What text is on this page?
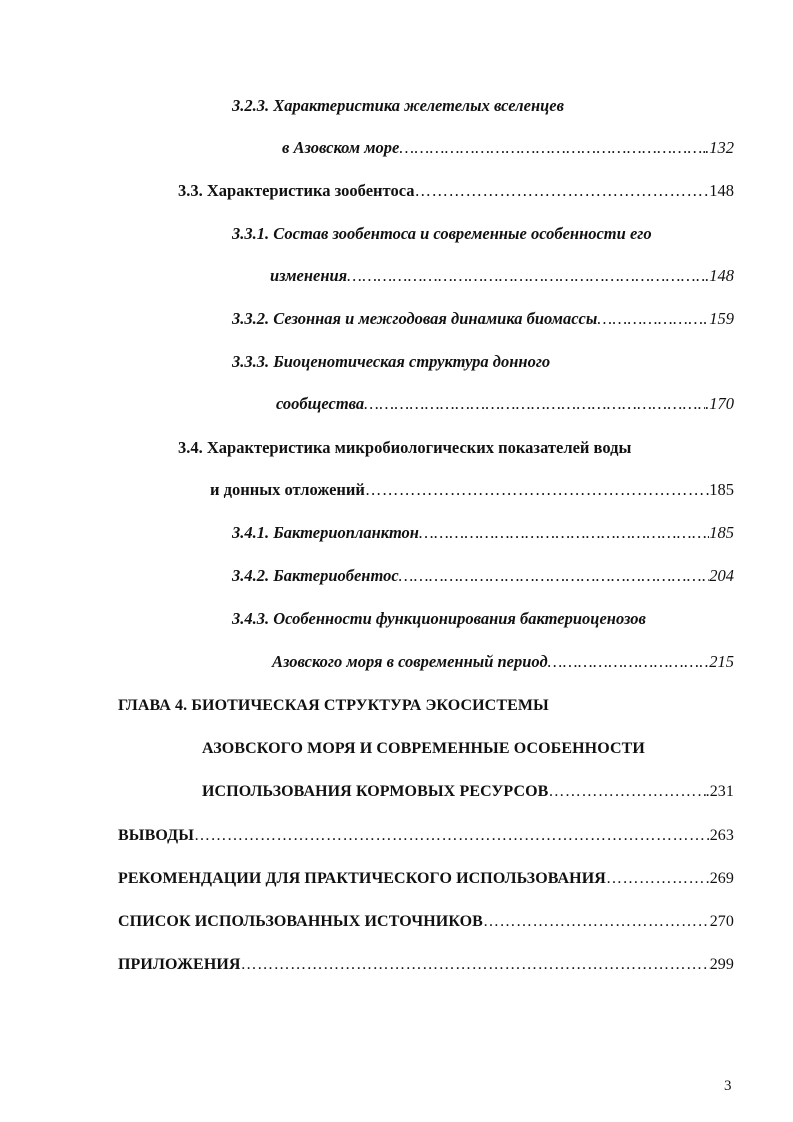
3.2.3. Характеристика желетелых вселенцев
в Азовском море ……………………………………………………………………………………………………………………………………………………………………………	.132
3.3. Характеристика зообентоса ……………………………………………………………………………………………………………………………………………………………………………	148
3.3.1. Состав зообентоса и современные особенности его
изменения ……………………………………………………………………………………………………………………………………………………………………………	.148
3.3.2. Сезонная и межгодовая динамика биомассы ……………………………………………………………………………………………………………………………………………………………………………	159
3.3.3. Биоценотическая структура донного
сообщества ……………………………………………………………………………………………………………………………………………………………………………	.170
3.4. Характеристика микробиологических показателей воды
и донных отложений ……………………………………………………………………………………………………………………………………………………………………………	185
3.4.1. Бактериопланктон ……………………………………………………………………………………………………………………………………………………………………………	185
3.4.2. Бактериобентос ……………………………………………………………………………………………………………………………………………………………………………	204
3.4.3. Особенности функционирования бактериоценозов
Азовского моря в современный период ……………………………………………………………………………………………………………………………………………………………………………	215
ГЛАВА 4. БИОТИЧЕСКАЯ СТРУКТУРА ЭКОСИСТЕМЫ
АЗОВСКОГО МОРЯ И СОВРЕМЕННЫЕ ОСОБЕННОСТИ
ИСПОЛЬЗОВАНИЯ КОРМОВЫХ РЕСУРСОВ ……………………………………………………………………………………………………………………………………………………………………………	.231
ВЫВОДЫ ……………………………………………………………………………………………………………………………………………………………………………	263
РЕКОМЕНДАЦИИ ДЛЯ ПРАКТИЧЕСКОГО ИСПОЛЬЗОВАНИЯ ……………………………………………………………………………………………………………………………………………………………………………	269
СПИСОК ИСПОЛЬЗОВАННЫХ ИСТОЧНИКОВ ……………………………………………………………………………………………………………………………………………………………………………	270
ПРИЛОЖЕНИЯ ……………………………………………………………………………………………………………………………………………………………………………	299
3
